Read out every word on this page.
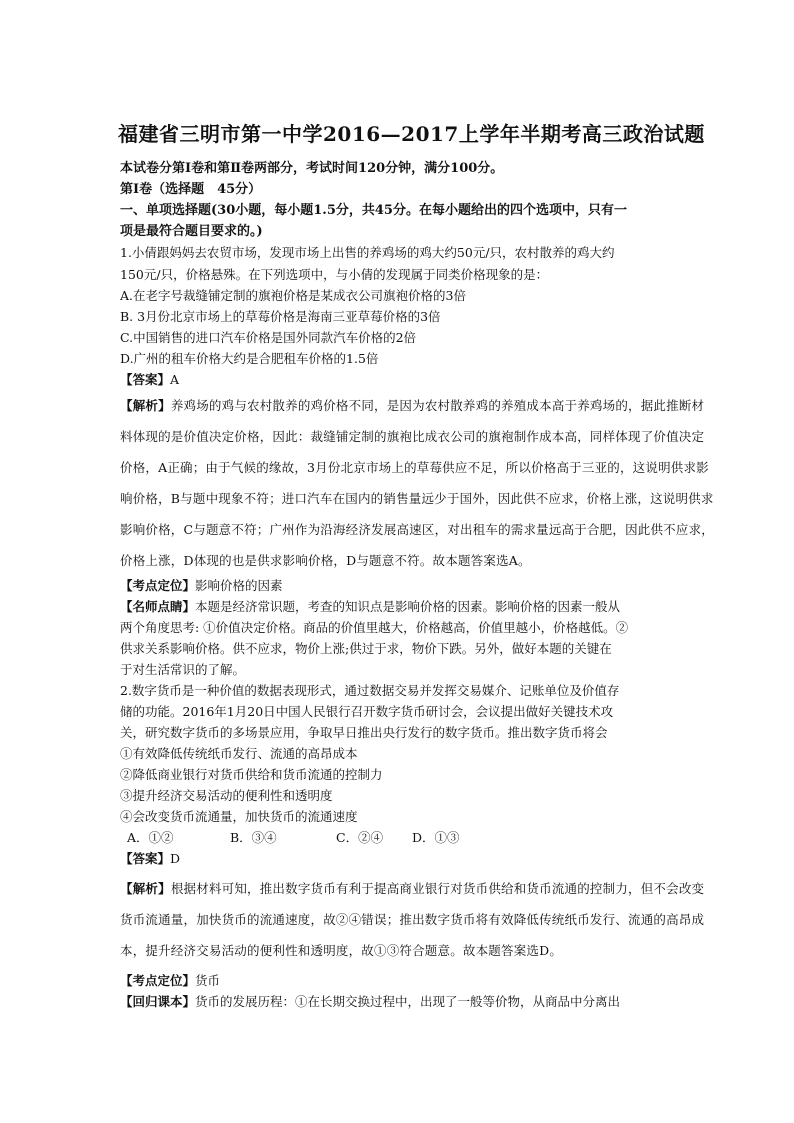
福建省三明市第一中学2016—2017上学年半期考高三政治试题
本试卷分第Ⅰ卷和第Ⅱ卷两部分，考试时间120分钟，满分100分。
第Ⅰ卷（选择题　45分）
一、单项选择题(30小题，每小题1.5分，共45分。在每小题给出的四个选项中，只有一
项是最符合题目要求的。)
1.小倩跟妈妈去农贸市场，发现市场上出售的养鸡场的鸡大约50元/只，农村散养的鸡大约
150元/只，价格悬殊。在下列选项中，与小倩的发现属于同类价格现象的是：
A.在老字号裁缝铺定制的旗袍价格是某成衣公司旗袍价格的3倍
B. 3月份北京市场上的草莓价格是海南三亚草莓价格的3倍
C.中国销售的进口汽车价格是国外同款汽车价格的2倍
D.广州的租车价格大约是合肥租车价格的1.5倍
【答案】A
【解析】养鸡场的鸡与农村散养的鸡价格不同，是因为农村散养鸡的养殖成本高于养鸡场的，据此推断材
料体现的是价值决定价格，因此：裁缝铺定制的旗袍比成衣公司的旗袍制作成本高，同样体现了价值决定
价格，A正确；由于气候的缘故，3月份北京市场上的草莓供应不足，所以价格高于三亚的，这说明供求影
响价格，B与题中现象不符；进口汽车在国内的销售量远少于国外，因此供不应求，价格上涨，这说明供求
影响价格，C与题意不符；广州作为沿海经济发展高速区，对出租车的需求量远高于合肥，因此供不应求，
价格上涨，D体现的也是供求影响价格，D与题意不符。故本题答案选A。
【考点定位】影响价格的因素
【名师点睛】本题是经济常识题，考查的知识点是影响价格的因素。影响价格的因素一般从
两个角度思考: ①价值决定价格。商品的价值里越大，价格越高，价值里越小，价格越低。②
供求关系影响价格。供不应求，物价上涨;供过于求，物价下跌。另外，做好本题的关键在
于对生活常识的了解。
2.数字货币是一种价值的数据表现形式，通过数据交易并发挥交易媒介、记账单位及价值存
储的功能。2016年1月20日中国人民银行召开数字货币研讨会，会议提出做好关键技术攻
关，研究数字货币的多场景应用，争取早日推出央行发行的数字货币。推出数字货币将会
①有效降低传统纸币发行、流通的高昂成本
②降低商业银行对货币供给和货币流通的控制力
③提升经济交易活动的便利性和透明度
④会改变货币流通量，加快货币的流通速度
A．①②	B．③④	C．②④ D．①③
【答案】D
【解析】根据材料可知，推出数字货币有利于提高商业银行对货币供给和货币流通的控制力，但不会改变
货币流通量，加快货币的流通速度，故②④错误；推出数字货币将有效降低传统纸币发行、流通的高昂成
本，提升经济交易活动的便利性和透明度，故①③符合题意。故本题答案选D。
【考点定位】货币
【回归课本】货币的发展历程：①在长期交换过程中，出现了一般等价物，从商品中分离出
